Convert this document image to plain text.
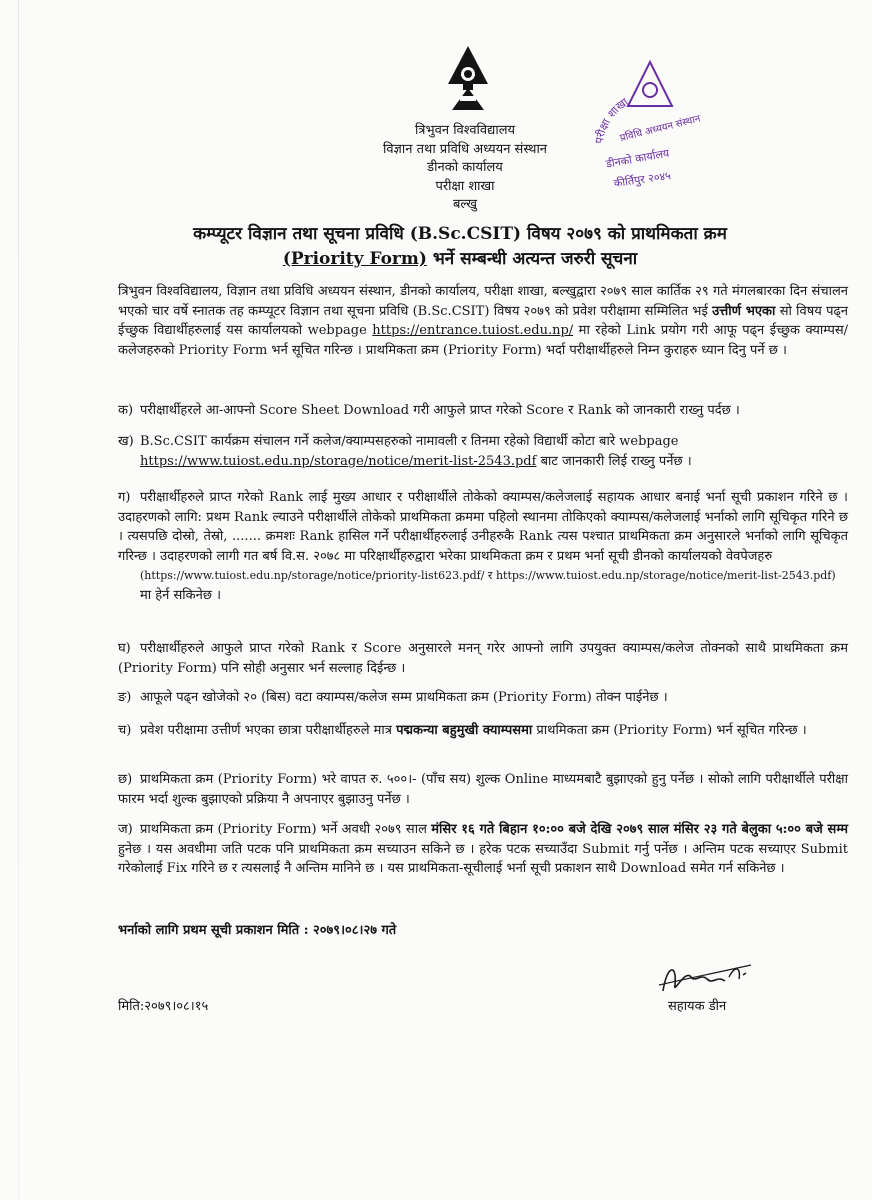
परीक्षा शाखा
प्रविधि अध्ययन संस्थान
डीनको कार्यालय
कीर्तिपुर २०४५
त्रिभुवन विश्वविद्यालय
विज्ञान तथा प्रविधि अध्ययन संस्थान
डीनको कार्यालय
परीक्षा शाखा
बल्खु
कम्प्यूटर विज्ञान तथा सूचना प्रविधि (B.Sc.CSIT) विषय २०७९ को प्राथमिकता क्रम
(Priority Form) भर्ने सम्बन्धी अत्यन्त जरुरी सूचना
त्रिभुवन विश्वविद्यालय, विज्ञान तथा प्रविधि अध्ययन संस्थान, डीनको कार्यालय, परीक्षा शाखा, बल्खुद्वारा २०७९ साल कार्तिक २९ गते मंगलबारका दिन संचालन भएको चार वर्षे स्नातक तह कम्प्यूटर विज्ञान तथा सूचना प्रविधि (B.Sc.CSIT) विषय २०७९ को प्रवेश परीक्षामा सम्मिलित भई उत्तीर्ण भएका सो विषय पढ्न ईच्छुक विद्यार्थीहरुलाई यस कार्यालयको webpage https://entrance.tuiost.edu.np/ मा रहेको Link प्रयोग गरी आफू पढ्न ईच्छुक क्याम्पस/कलेजहरुको Priority Form भर्न सूचित गरिन्छ । प्राथमिकता क्रम (Priority Form) भर्दा परीक्षार्थीहरुले निम्न कुराहरु ध्यान दिनु पर्ने छ ।
क) परीक्षार्थीहरले आ-आफ्नो Score Sheet Download गरी आफुले प्राप्त गरेको Score र Rank को जानकारी राख्नु पर्दछ ।
ख) B.Sc.CSIT कार्यक्रम संचालन गर्ने कलेज/क्याम्पसहरुको नामावली र तिनमा रहेको विद्यार्थी कोटा बारे webpage
https://www.tuiost.edu.np/storage/notice/merit-list-2543.pdf बाट जानकारी लिई राख्नु पर्नेछ ।
ग) परीक्षार्थीहरुले प्राप्त गरेको Rank लाई मुख्य आधार र परीक्षार्थीले तोकेको क्याम्पस/कलेजलाई सहायक आधार बनाई भर्ना सूची प्रकाशन गरिने छ । उदाहरणको लागि: प्रथम Rank ल्याउने परीक्षार्थीले तोकेको प्राथमिकता क्रममा पहिलो स्थानमा तोकिएको क्याम्पस/कलेजलाई भर्नाको लागि सूचिकृत गरिने छ । त्यसपछि दोस्रो, तेस्रो, ....... क्रमशः Rank हासिल गर्ने परीक्षार्थीहरुलाई उनीहरुकै Rank त्यस पश्चात प्राथमिकता क्रम अनुसारले भर्नाको लागि सूचिकृत गरिन्छ । उदाहरणको लागी गत बर्ष वि.स. २०७८ मा परिक्षार्थीहरुद्वारा भरेका प्राथमिकता क्रम र प्रथम भर्ना सूची डीनको कार्यालयको वेवपेजहरु
(https://www.tuiost.edu.np/storage/notice/priority-list623.pdf/ र https://www.tuiost.edu.np/storage/notice/merit-list-2543.pdf)
मा हेर्न सकिनेछ ।
घ) परीक्षार्थीहरुले आफुले प्राप्त गरेको Rank र Score अनुसारले मनन् गरेर आफ्नो लागि उपयुक्त क्याम्पस/कलेज तोक्नको साथै प्राथमिकता क्रम (Priority Form) पनि सोही अनुसार भर्न सल्लाह दिईन्छ ।
ङ) आफूले पढ्न खोजेको २० (बिस) वटा क्याम्पस/कलेज सम्म प्राथमिकता क्रम (Priority Form) तोक्न पाईनेछ ।
च) प्रवेश परीक्षामा उत्तीर्ण भएका छात्रा परीक्षार्थीहरुले मात्र पद्मकन्या बहुमुखी क्याम्पसमा प्राथमिकता क्रम (Priority Form) भर्न सूचित गरिन्छ ।
छ) प्राथमिकता क्रम (Priority Form) भरे वापत रु. ५००।- (पाँच सय) शुल्क Online माध्यमबाटै बुझाएको हुनु पर्नेछ । सोको लागि परीक्षार्थीले परीक्षा फारम भर्दा शुल्क बुझाएको प्रक्रिया नै अपनाएर बुझाउनु पर्नेछ ।
ज) प्राथमिकता क्रम (Priority Form) भर्ने अवधी २०७९ साल मंसिर १६ गते बिहान १०:०० बजे देखि २०७९ साल मंसिर २३ गते बेलुका ५:०० बजे सम्म हुनेछ । यस अवधीमा जति पटक पनि प्राथमिकता क्रम सच्याउन सकिने छ । हरेक पटक सच्याउँदा Submit गर्नु पर्नेछ । अन्तिम पटक सच्याएर Submit गरेकोलाई Fix गरिने छ र त्यसलाई नै अन्तिम मानिने छ । यस प्राथमिकता-सूचीलाई भर्ना सूची प्रकाशन साथै Download समेत गर्न सकिनेछ ।
भर्नाको लागि प्रथम सूची प्रकाशन मिति : २०७९।०८।२७ गते
सहायक डीन
मिति:२०७९।०८।१५
